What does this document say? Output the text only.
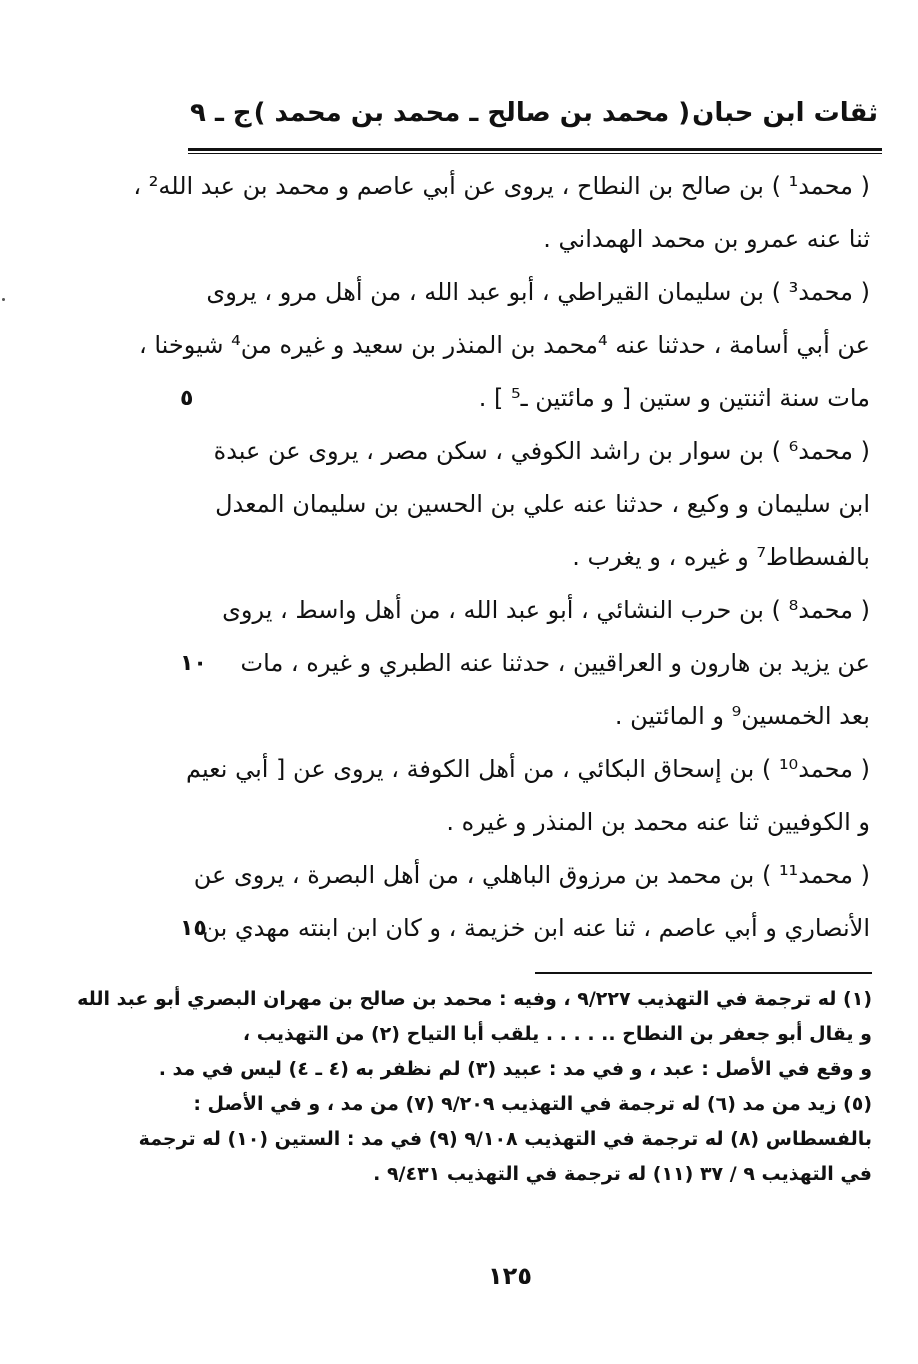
ثقات ابن حبان
( محمد بن صالح ـ محمد بن محمد )
ج ـ ٩
( محمد¹ ) بن صالح بن النطاح ، يروى عن أبي عاصم و محمد بن عبد الله² ،
ثنا عنه عمرو بن محمد الهمداني .
( محمد³ ) بن سليمان القيراطي ، أبو عبد الله ، من أهل مرو ، يروى
عن أبي أسامة ، حدثنا عنه ⁴محمد بن المنذر بن سعيد و غيره من⁴ شيوخنا ،
مات سنة اثنتين و ستين [ و مائتين ـ⁵ ] .
٥
( محمد⁶ ) بن سوار بن راشد الكوفي ، سكن مصر ، يروى عن عبدة
ابن سليمان و وكيع ، حدثنا عنه علي بن الحسين بن سليمان المعدل
بالفسطاط⁷ و غيره ، و يغرب .
( محمد⁸ ) بن حرب النشائي ، أبو عبد الله ، من أهل واسط ، يروى
عن يزيد بن هارون و العراقيين ، حدثنا عنه الطبري و غيره ، مات
١٠
بعد الخمسين⁹ و المائتين .
( محمد¹⁰ ) بن إسحاق البكائي ، من أهل الكوفة ، يروى عن [ أبي نعيم
و الكوفيين ثنا عنه محمد بن المنذر و غيره .
( محمد¹¹ ) بن محمد بن مرزوق الباهلي ، من أهل البصرة ، يروى عن
الأنصاري و أبي عاصم ، ثنا عنه ابن خزيمة ، و كان ابن ابنته مهدي بن
١٥
(١) له ترجمة في التهذيب ٩/٢٢٧ ، وفيه : محمد بن صالح بن مهران البصري أبو عبد الله
و يقال أبو جعفر بن النطاح .. . . . . يلقب أبا التياح (٢) من التهذيب ،
و وقع في الأصل : عبد ، و في مد : عبيد (٣) لم نظفر به (٤ ـ ٤) ليس في مد .
(٥) زيد من مد (٦) له ترجمة في التهذيب ٩/٢٠٩ (٧) من مد ، و في الأصل :
بالفسطاس (٨) له ترجمة في التهذيب ٩/١٠٨ (٩) في مد : الستين (١٠) له ترجمة
في التهذيب ٩ / ٣٧ (١١) له ترجمة في التهذيب ٩/٤٣١ .
١٢٥
